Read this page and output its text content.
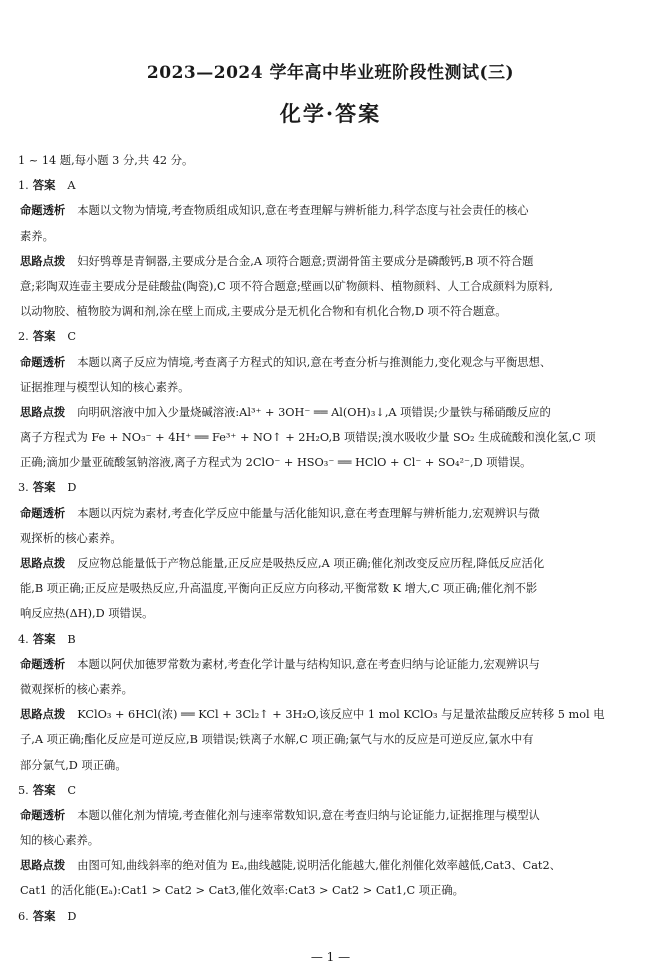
2023—2024 学年高中毕业班阶段性测试(三)
化学·答案
1 ~ 14 题,每小题 3 分,共 42 分。
1. 答案 A
命题透析 本题以文物为情境,考查物质组成知识,意在考查理解与辨析能力,科学态度与社会责任的核心
素养。
思路点拨 妇好鸮尊是青铜器,主要成分是合金,A 项符合题意;贾湖骨笛主要成分是磷酸钙,B 项不符合题
意;彩陶双连壶主要成分是硅酸盐(陶瓷),C 项不符合题意;壁画以矿物颜料、植物颜料、人工合成颜料为原料,
以动物胶、植物胶为调和剂,涂在壁上而成,主要成分是无机化合物和有机化合物,D 项不符合题意。
2. 答案 C
命题透析 本题以离子反应为情境,考查离子方程式的知识,意在考查分析与推测能力,变化观念与平衡思想、
证据推理与模型认知的核心素养。
思路点拨 向明矾溶液中加入少量烧碱溶液:Al³⁺ + 3OH⁻ ══ Al(OH)₃↓,A 项错误;少量铁与稀硝酸反应的
离子方程式为 Fe + NO₃⁻ + 4H⁺ ══ Fe³⁺ + NO↑ + 2H₂O,B 项错误;溴水吸收少量 SO₂ 生成硫酸和溴化氢,C 项
正确;滴加少量亚硫酸氢钠溶液,离子方程式为 2ClO⁻ + HSO₃⁻ ══ HClO + Cl⁻ + SO₄²⁻,D 项错误。
3. 答案 D
命题透析 本题以丙烷为素材,考查化学反应中能量与活化能知识,意在考查理解与辨析能力,宏观辨识与微
观探析的核心素养。
思路点拨 反应物总能量低于产物总能量,正反应是吸热反应,A 项正确;催化剂改变反应历程,降低反应活化
能,B 项正确;正反应是吸热反应,升高温度,平衡向正反应方向移动,平衡常数 K 增大,C 项正确;催化剂不影
响反应热(ΔH),D 项错误。
4. 答案 B
命题透析 本题以阿伏加德罗常数为素材,考查化学计量与结构知识,意在考查归纳与论证能力,宏观辨识与
微观探析的核心素养。
思路点拨 KClO₃ + 6HCl(浓) ══ KCl + 3Cl₂↑ + 3H₂O,该反应中 1 mol KClO₃ 与足量浓盐酸反应转移 5 mol 电
子,A 项正确;酯化反应是可逆反应,B 项错误;铁离子水解,C 项正确;氯气与水的反应是可逆反应,氯水中有
部分氯气,D 项正确。
5. 答案 C
命题透析 本题以催化剂为情境,考查催化剂与速率常数知识,意在考查归纳与论证能力,证据推理与模型认
知的核心素养。
思路点拨 由图可知,曲线斜率的绝对值为 Eₐ,曲线越陡,说明活化能越大,催化剂催化效率越低,Cat3、Cat2、
Cat1 的活化能(Eₐ):Cat1 > Cat2 > Cat3,催化效率:Cat3 > Cat2 > Cat1,C 项正确。
6. 答案 D
— 1 —
